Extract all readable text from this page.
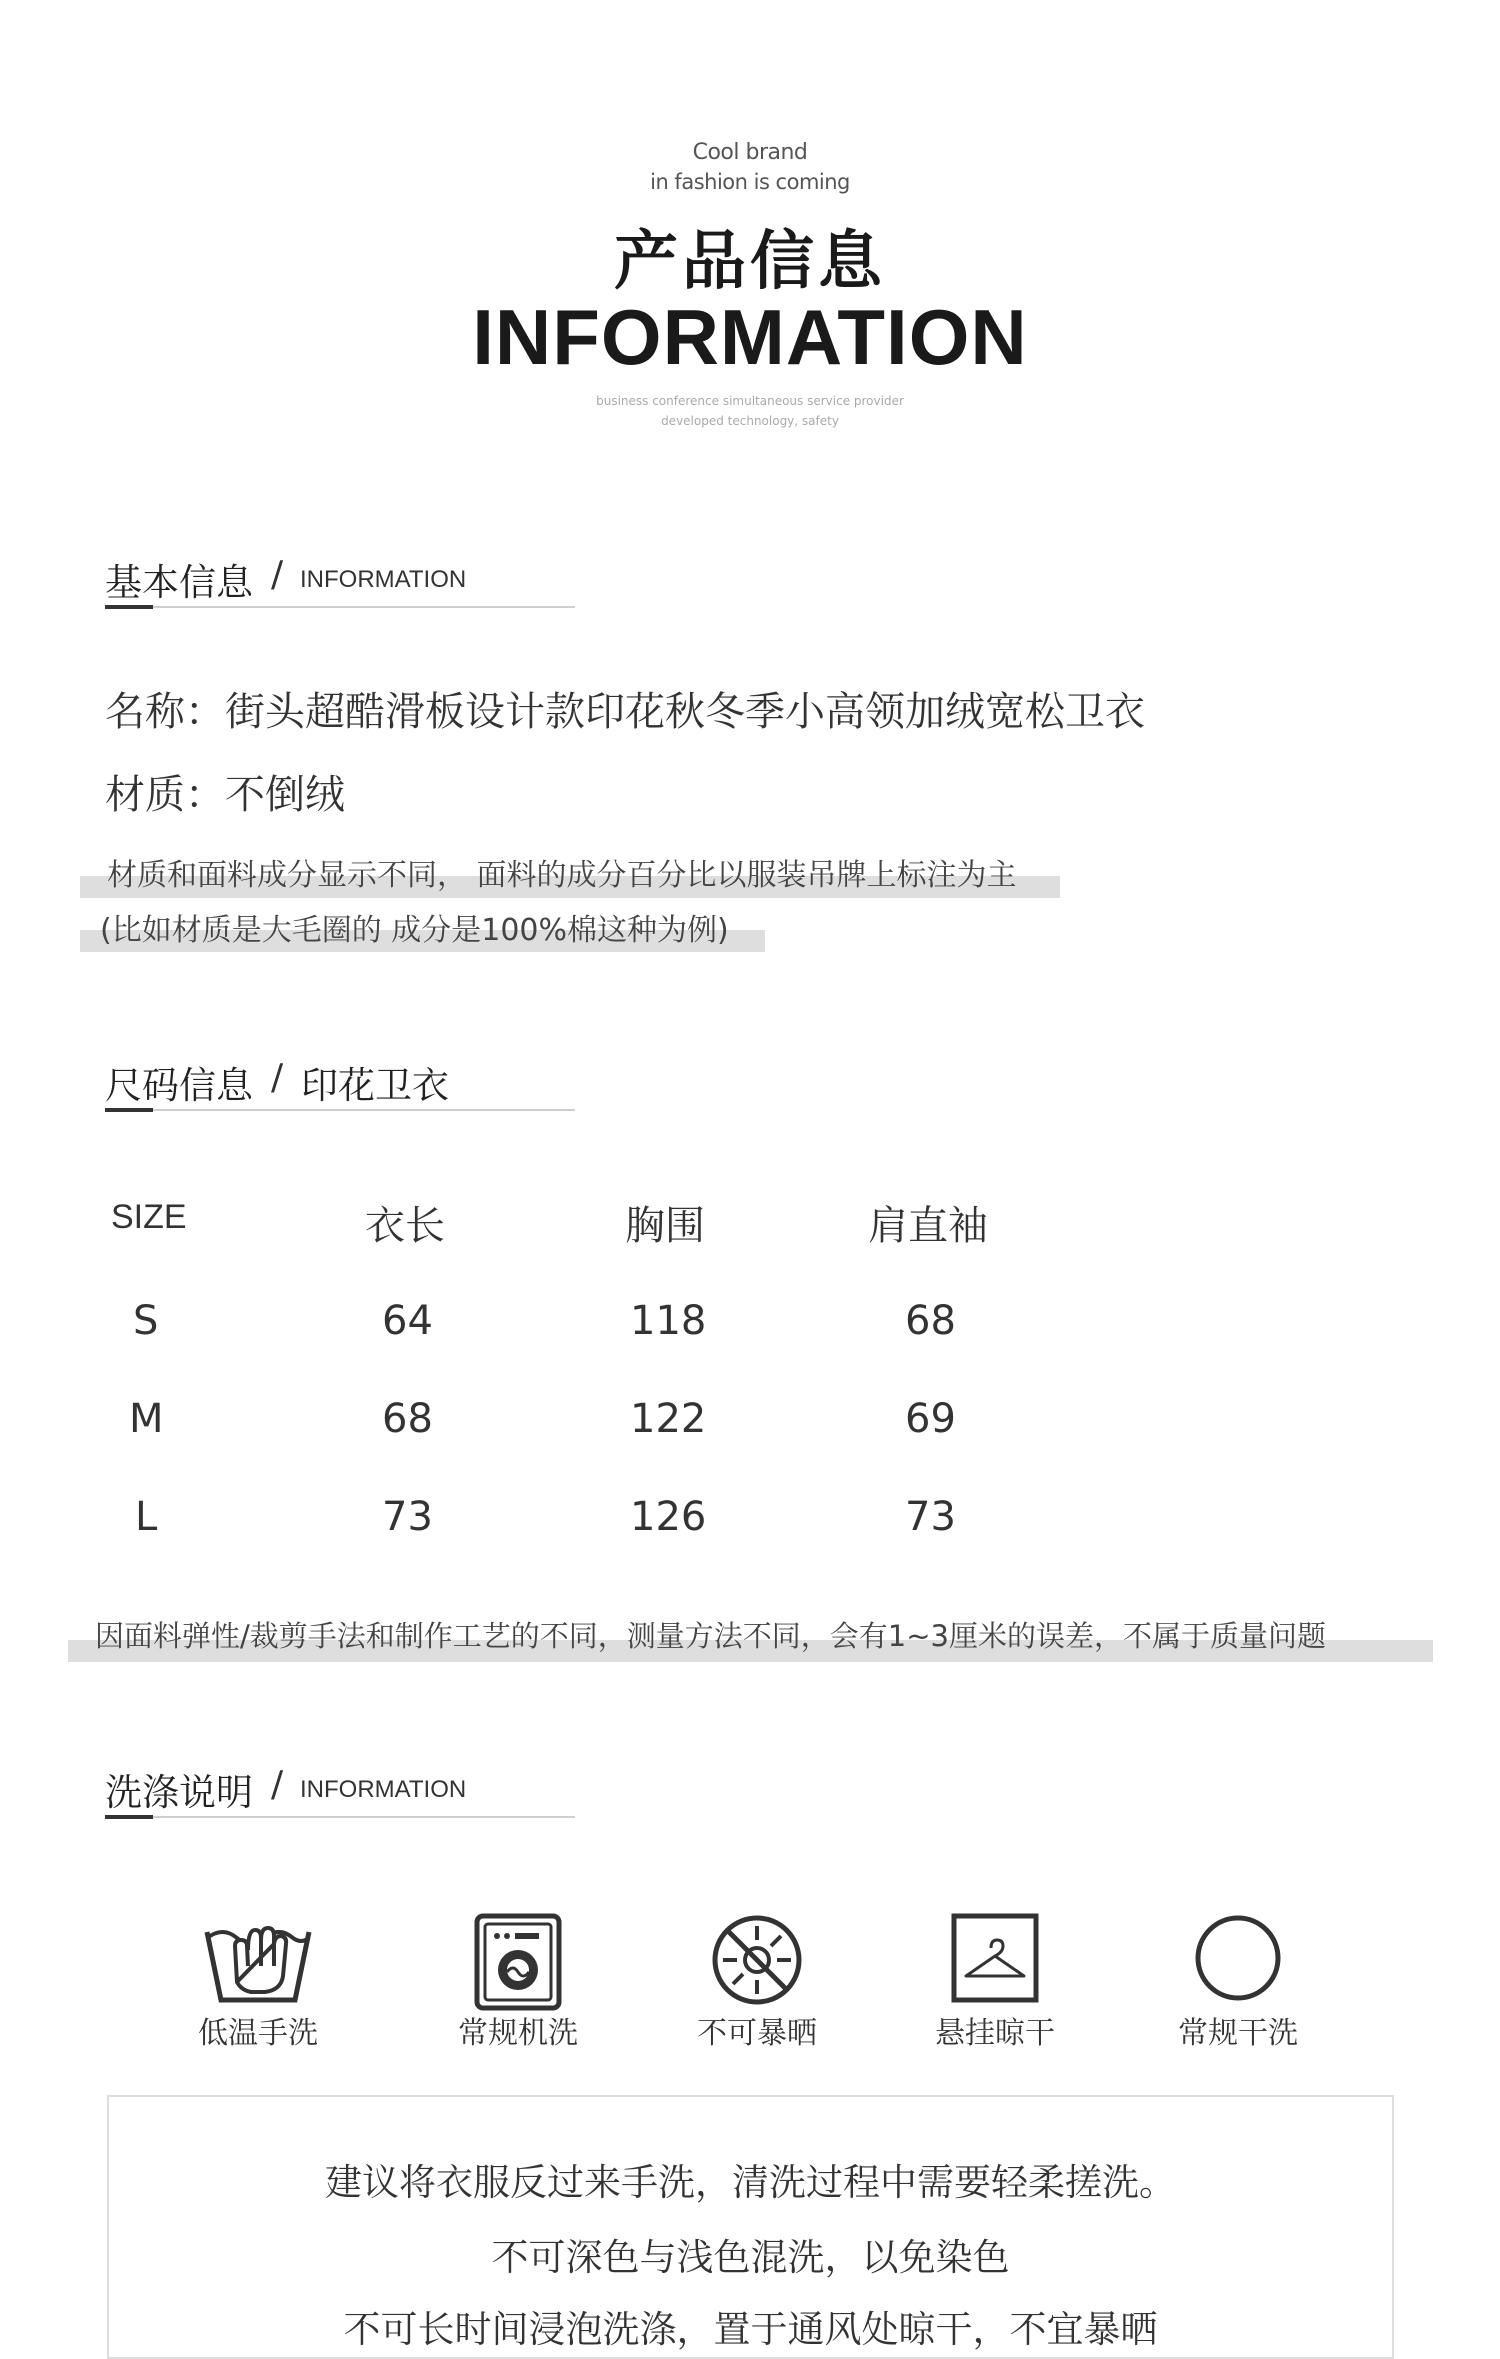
Cool brand
in fashion is coming
产品信息
INFORMATION
business conference simultaneous service provider
developed technology, safety
基本信息 / INFORMATION
名称：街头超酷滑板设计款印花秋冬季小高领加绒宽松卫衣
材质：不倒绒
材质和面料成分显示不同， 面料的成分百分比以服装吊牌上标注为主
(比如材质是大毛圈的 成分是100%棉这种为例)
尺码信息 / 印花卫衣
SIZE	衣长	胸围	肩直袖
S	64	118	68
M	68	122	69
L	73	126	73
因面料弹性/裁剪手法和制作工艺的不同，测量方法不同，会有1~3厘米的误差，不属于质量问题
洗涤说明 / INFORMATION
低温手洗	常规机洗	不可暴晒	悬挂晾干	常规干洗
建议将衣服反过来手洗，清洗过程中需要轻柔搓洗。
不可深色与浅色混洗，以免染色
不可长时间浸泡洗涤，置于通风处晾干，不宜暴晒
